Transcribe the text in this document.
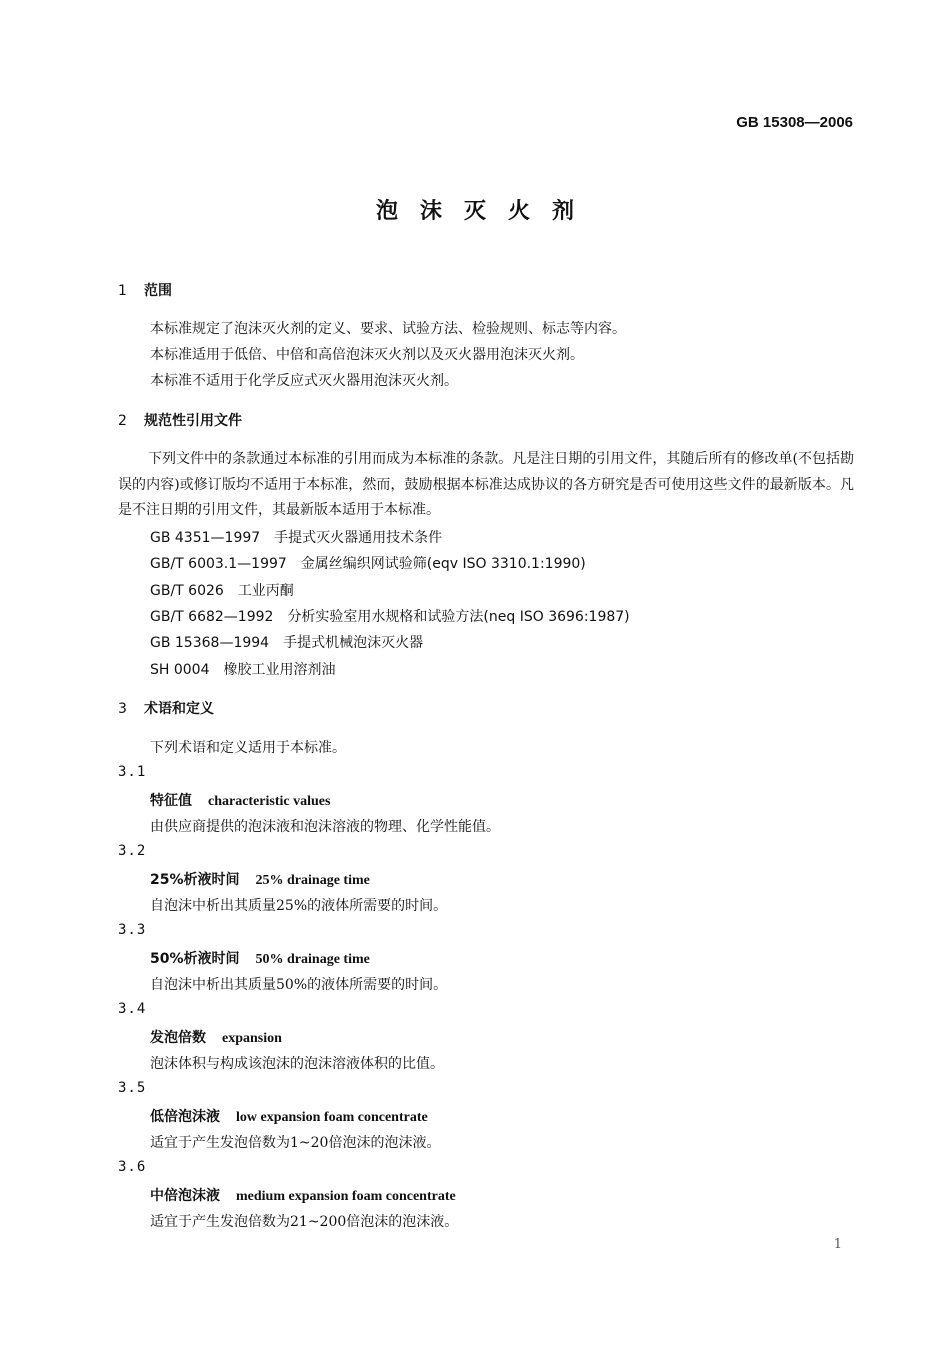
GB 15308—2006
泡沫灭火剂
1 范围
本标准规定了泡沫灭火剂的定义、要求、试验方法、检验规则、标志等内容。
本标准适用于低倍、中倍和高倍泡沫灭火剂以及灭火器用泡沫灭火剂。
本标准不适用于化学反应式灭火器用泡沫灭火剂。
2 规范性引用文件
下列文件中的条款通过本标准的引用而成为本标准的条款。凡是注日期的引用文件，其随后所有的修改单(不包括勘误的内容)或修订版均不适用于本标准，然而，鼓励根据本标准达成协议的各方研究是否可使用这些文件的最新版本。凡是不注日期的引用文件，其最新版本适用于本标准。
GB 4351—1997 手提式灭火器通用技术条件
GB/T 6003.1—1997 金属丝编织网试验筛(eqv ISO 3310.1:1990)
GB/T 6026 工业丙酮
GB/T 6682—1992 分析实验室用水规格和试验方法(neq ISO 3696:1987)
GB 15368—1994 手提式机械泡沫灭火器
SH 0004 橡胶工业用溶剂油
3 术语和定义
下列术语和定义适用于本标准。
3.1
特征值 characteristic values
由供应商提供的泡沫液和泡沫溶液的物理、化学性能值。
3.2
25%析液时间 25% drainage time
自泡沫中析出其质量25%的液体所需要的时间。
3.3
50%析液时间 50% drainage time
自泡沫中析出其质量50%的液体所需要的时间。
3.4
发泡倍数 expansion
泡沫体积与构成该泡沫的泡沫溶液体积的比值。
3.5
低倍泡沫液 low expansion foam concentrate
适宜于产生发泡倍数为1~20倍泡沫的泡沫液。
3.6
中倍泡沫液 medium expansion foam concentrate
适宜于产生发泡倍数为21~200倍泡沫的泡沫液。
1
